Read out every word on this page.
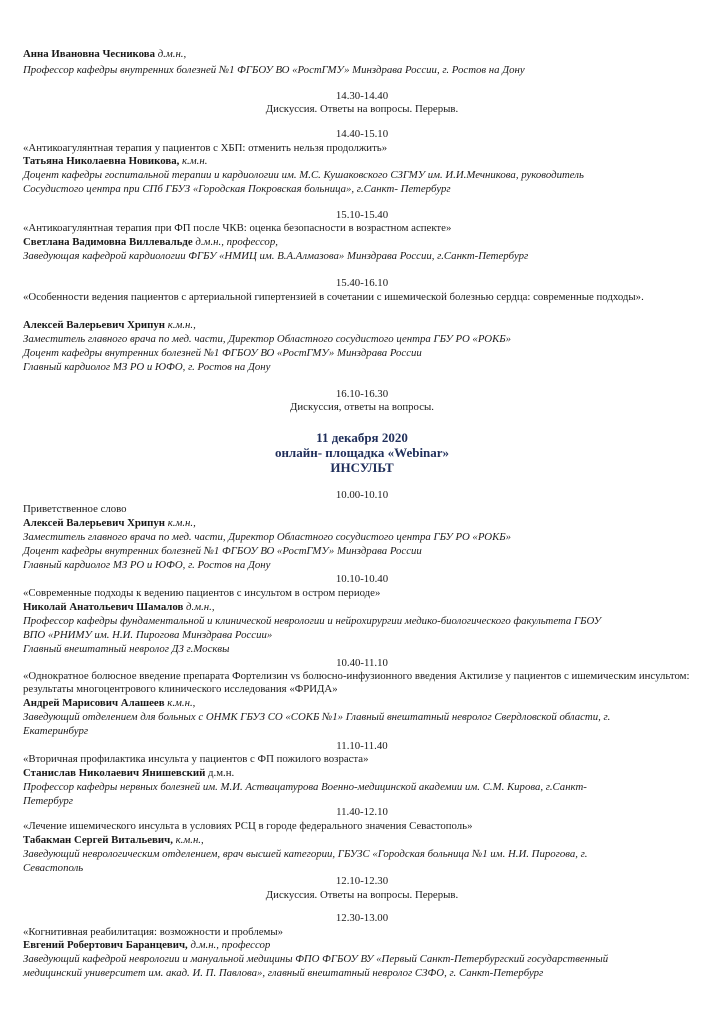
Анна Ивановна Чесникова д.м.н.,
Профессор кафедры внутренних болезней №1 ФГБОУ ВО «РостГМУ» Минздрава России, г. Ростов на Дону
14.30-14.40
Дискуссия. Ответы на вопросы. Перерыв.
14.40-15.10
«Антикоагулянтная терапия у пациентов с ХБП: отменить нельзя продолжить»
Татьяна Николаевна Новикова, к.м.н.
Доцент кафедры госпитальной терапии и кардиологии им. М.С. Кушаковского СЗГМУ им. И.И.Мечникова, руководитель
Сосудистого центра при СПб ГБУЗ «Городская Покровская больница», г.Санкт- Петербург
15.10-15.40
«Антикоагулянтная терапия при ФП после ЧКВ: оценка безопасности в возрастном аспекте»
Светлана Вадимовна Виллевальде д.м.н., профессор,
Заведующая кафедрой кардиологии ФГБУ «НМИЦ им. В.А.Алмазова» Минздрава России, г.Санкт-Петербург
15.40-16.10
«Особенности ведения пациентов с артериальной гипертензией в сочетании с ишемической болезнью сердца: современные подходы».
Алексей Валерьевич Хрипун к.м.н.,
Заместитель главного врача по мед. части, Директор Областного сосудистого центра ГБУ РО «РОКБ»
Доцент кафедры внутренних болезней №1 ФГБОУ ВО «РостГМУ» Минздрава России
Главный кардиолог МЗ РО и ЮФО, г. Ростов на Дону
16.10-16.30
Дискуссия, ответы на вопросы.
11 декабря 2020
онлайн- площадка «Webinar»
ИНСУЛЬТ
10.00-10.10
Приветственное слово
Алексей Валерьевич Хрипун к.м.н.,
Заместитель главного врача по мед. части, Директор Областного сосудистого центра ГБУ РО «РОКБ»
Доцент кафедры внутренних болезней №1 ФГБОУ ВО «РостГМУ» Минздрава России
Главный кардиолог МЗ РО и ЮФО, г. Ростов на Дону
10.10-10.40
«Современные подходы к ведению пациентов с инсультом в остром периоде»
Николай Анатольевич Шамалов д.м.н.,
Профессор кафедры фундаментальной и клинической неврологии и нейрохирургии медико-биологического факультета ГБОУ
ВПО «РНИМУ им. Н.И. Пирогова Минздрава России»
Главный внештатный невролог ДЗ г.Москвы
10.40-11.10
«Однократное болюсное введение препарата Фортелизин vs болюсно-инфузионного введения Актилизе у пациентов с ишемическим инсультом: результаты многоцентрового клинического исследования «ФРИДА»
Андрей Марисович Алашеев к.м.н.,
Заведующий отделением для больных с ОНМК ГБУЗ СО «СОКБ №1» Главный внештатный невролог Свердловской области, г.
Екатеринбург
11.10-11.40
«Вторичная профилактика инсульта у пациентов с ФП пожилого возраста»
Станислав Николаевич Янишевский д.м.н.
Профессор кафедры нервных болезней им. М.И. Аствацатурова Военно-медицинской академии им. С.М. Кирова, г.Санкт-
Петербург
11.40-12.10
«Лечение ишемического инсульта в условиях РСЦ в городе федерального значения Севастополь»
Табакман Сергей Витальевич, к.м.н.,
Заведующий неврологическим отделением, врач высшей категории, ГБУЗС «Городская больница №1 им. Н.И. Пирогова, г.
Севастополь
12.10-12.30
Дискуссия. Ответы на вопросы. Перерыв.
12.30-13.00
«Когнитивная реабилитация: возможности и проблемы»
Евгений Робертович Баранцевич, д.м.н., профессор
Заведующий кафедрой неврологии и мануальной медицины ФПО ФГБОУ ВУ «Первый Санкт-Петербургский государственный
медицинский университет им. акад. И. П. Павлова», главный внештатный невролог СЗФО, г. Санкт-Петербург
